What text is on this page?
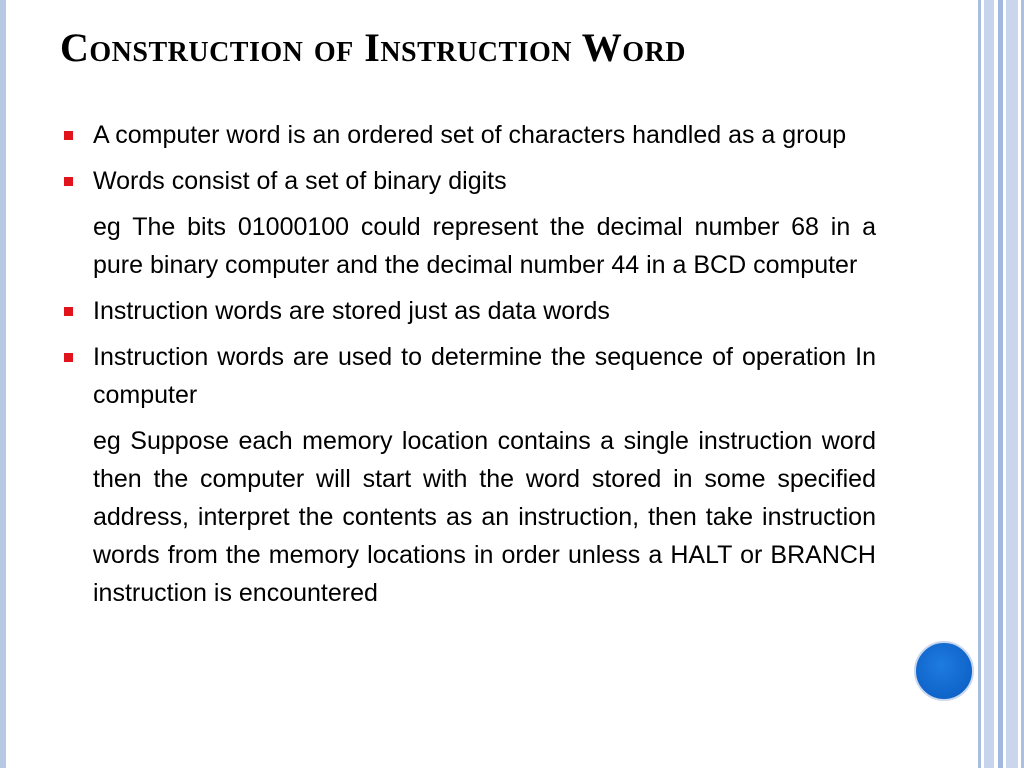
Construction of Instruction Word
A computer word is an ordered set of characters handled as a group
Words consist of a set of binary digits
eg The bits 01000100 could represent the decimal number 68 in a pure binary computer and the decimal number 44 in a BCD computer
Instruction words are stored just as data words
Instruction words are used to determine the sequence of operation In computer
eg Suppose each memory location contains a single instruction word then the computer will start with the word stored in some specified address, interpret the contents as an instruction, then take instruction words from the memory locations in order unless a HALT or BRANCH instruction is encountered
